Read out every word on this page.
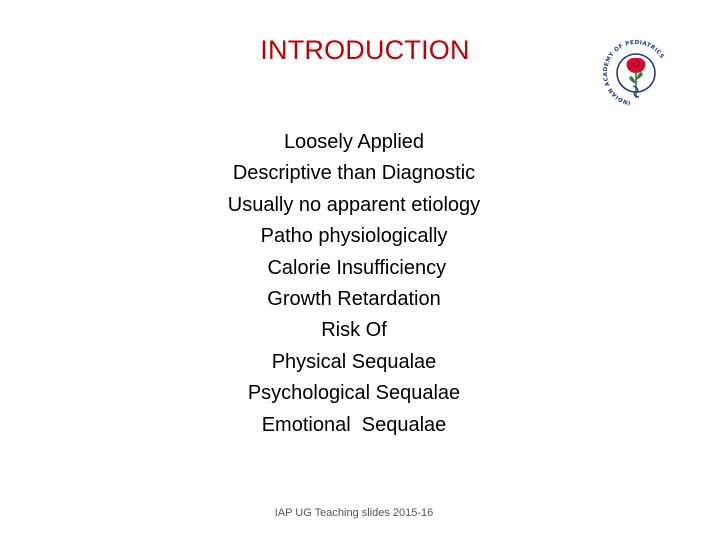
INTRODUCTION
INDIAN ACADEMY OF PEDIATRICS
Loosely Applied
Descriptive than Diagnostic
Usually no apparent etiology
Patho physiologically
Calorie Insufficiency
Growth Retardation
Risk Of
Physical Sequalae
Psychological Sequalae
Emotional  Sequalae
IAP UG Teaching slides 2015-16
